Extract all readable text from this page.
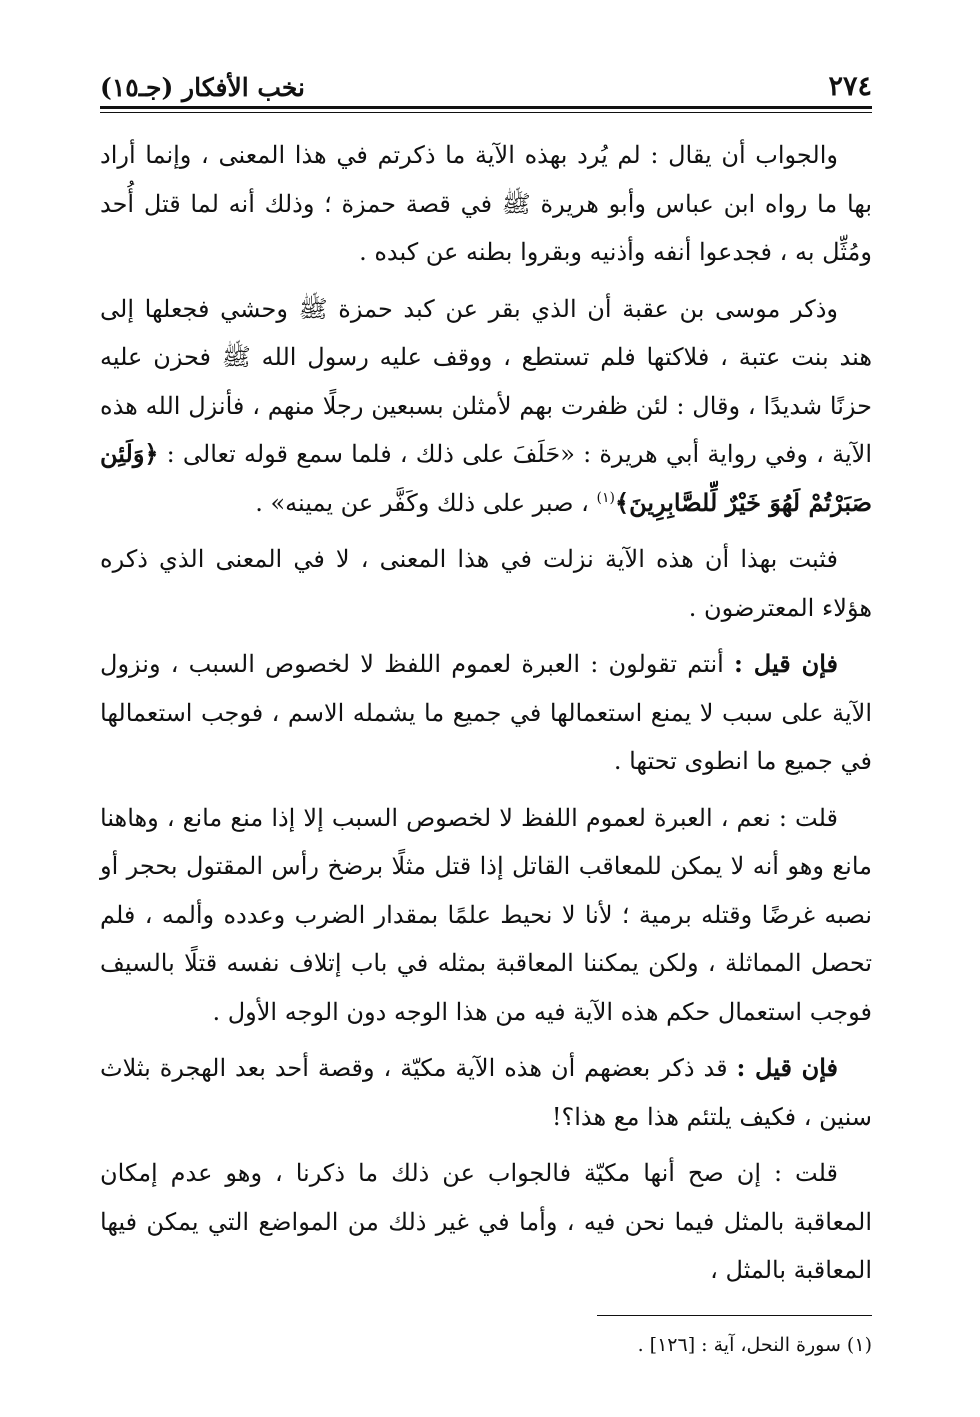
٢٧٤
نخب الأفكار (جـ١٥)

والجواب أن يقال : لم يُرد بهذه الآية ما ذكرتم في هذا المعنى ، وإنما أراد بها ما رواه ابن عباس وأبو هريرة ﷺ في قصة حمزة ؛ وذلك أنه لما قتل أُحد ومُثِّل به ، فجدعوا أنفه وأذنيه وبقروا بطنه عن كبده .

وذكر موسى بن عقبة أن الذي بقر عن كبد حمزة ﷺ وحشي فجعلها إلى هند بنت عتبة ، فلاكتها فلم تستطع ، ووقف عليه رسول الله ﷺ فحزن عليه حزنًا شديدًا ، وقال : لئن ظفرت بهم لأمثلن بسبعين رجلًا منهم ، فأنزل الله هذه الآية ، وفي رواية أبي هريرة : «حَلَفَ على ذلك ، فلما سمع قوله تعالى : ﴿وَلَئِن صَبَرْتُمْ لَهُوَ خَيْرٌ لِّلصَّابِرِينَ﴾$^{(١)}$ ، صبر على ذلك وكَفَّر عن يمينه» .

فثبت بهذا أن هذه الآية نزلت في هذا المعنى ، لا في المعنى الذي ذكره هؤلاء المعترضون .

فإن قيل : أنتم تقولون : العبرة لعموم اللفظ لا لخصوص السبب ، ونزول الآية على سبب لا يمنع استعمالها في جميع ما يشمله الاسم ، فوجب استعمالها في جميع ما انطوى تحتها .

قلت : نعم ، العبرة لعموم اللفظ لا لخصوص السبب إلا إذا منع مانع ، وهاهنا مانع وهو أنه لا يمكن للمعاقب القاتل إذا قتل مثلًا برضخ رأس المقتول بحجر أو نصبه غرضًا وقتله برمية ؛ لأنا لا نحيط علمًا بمقدار الضرب وعدده وألمه ، فلم تحصل المماثلة ، ولكن يمكننا المعاقبة بمثله في باب إتلاف نفسه قتلًا بالسيف فوجب استعمال حكم هذه الآية فيه من هذا الوجه دون الوجه الأول .

فإن قيل : قد ذكر بعضهم أن هذه الآية مكيّة ، وقصة أحد بعد الهجرة بثلاث سنين ، فكيف يلتئم هذا مع هذا؟!

قلت : إن صح أنها مكيّة فالجواب عن ذلك ما ذكرنا ، وهو عدم إمكان المعاقبة بالمثل فيما نحن فيه ، وأما في غير ذلك من المواضع التي يمكن فيها المعاقبة بالمثل ،

(١) سورة النحل، آية : [١٢٦] .
